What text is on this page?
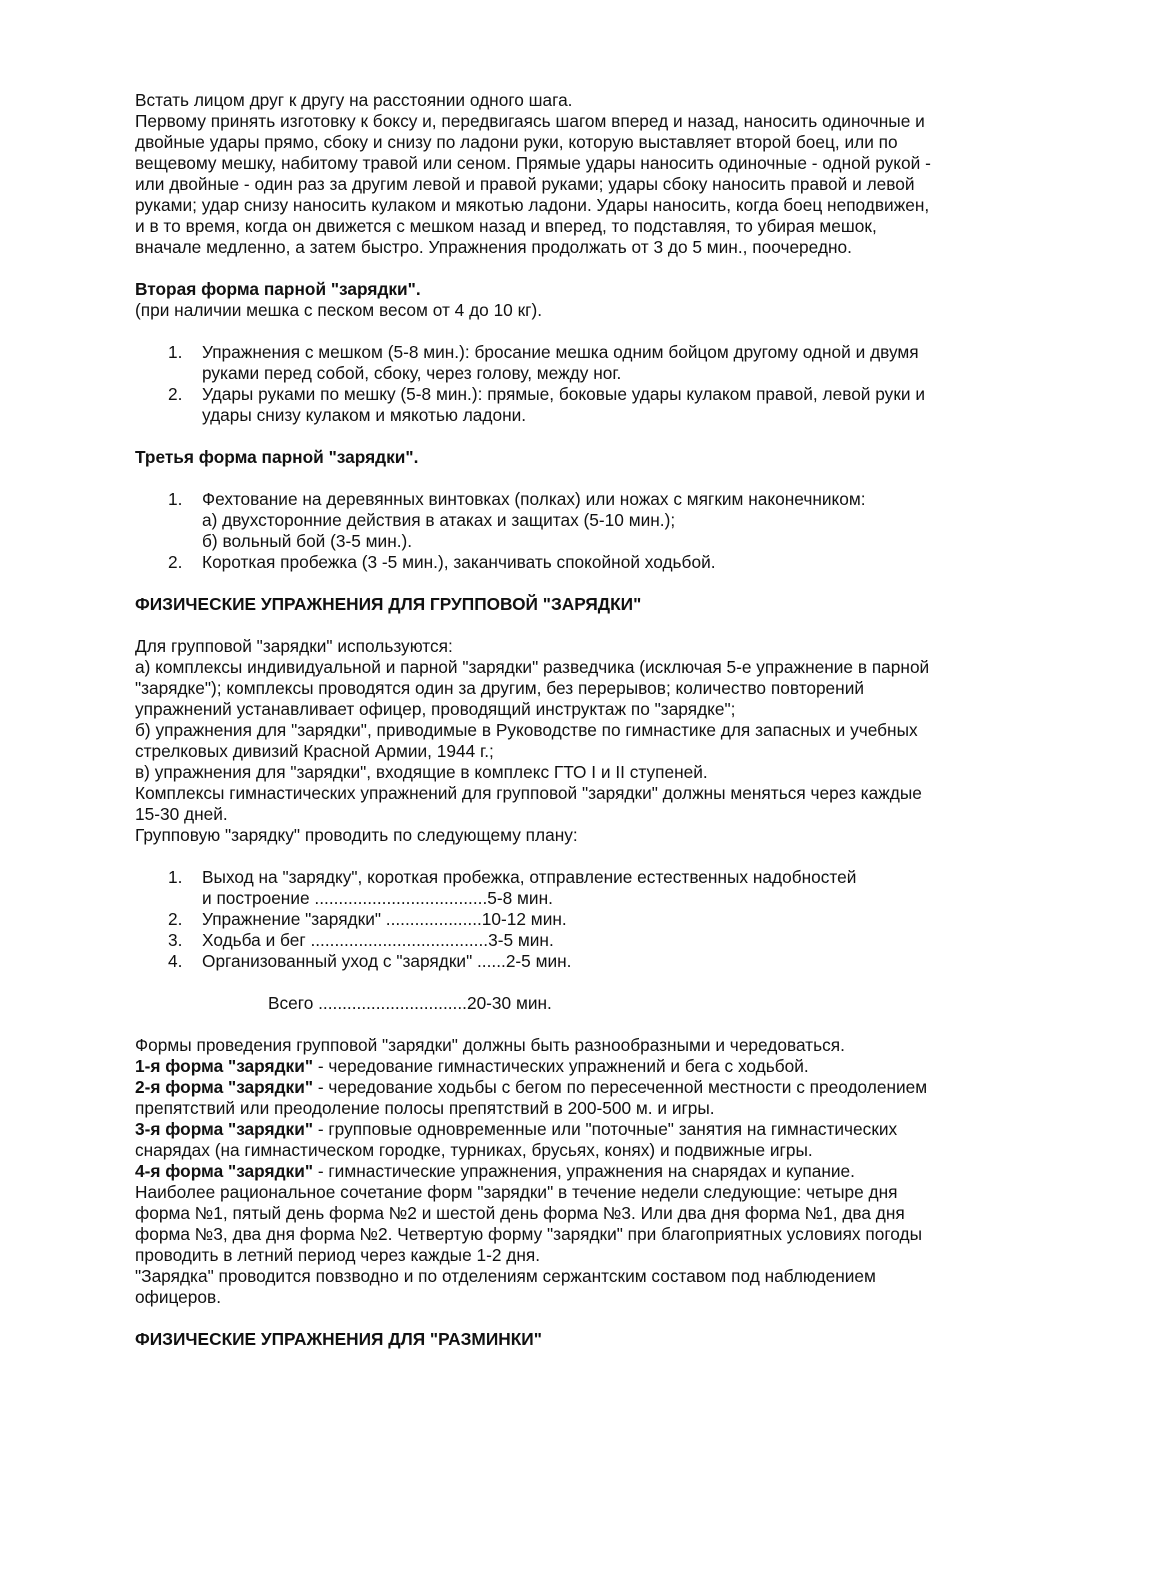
Встать лицом друг к другу на расстоянии одного шага.
Первому принять изготовку к боксу и, передвигаясь шагом вперед и назад, наносить одиночные и
двойные удары прямо, сбоку и снизу по ладони руки, которую выставляет второй боец, или по
вещевому мешку, набитому травой или сеном. Прямые удары наносить одиночные - одной рукой -
или двойные - один раз за другим левой и правой руками; удары сбоку наносить правой и левой
руками; удар снизу наносить кулаком и мякотью ладони. Удары наносить, когда боец неподвижен,
и в то время, когда он движется с мешком назад и вперед, то подставляя, то убирая мешок,
вначале медленно, а затем быстро. Упражнения продолжать от 3 до 5 мин., поочередно.
Вторая форма парной "зарядки".
(при наличии мешка с песком весом от 4 до 10 кг).
1. Упражнения с мешком (5-8 мин.): бросание мешка одним бойцом другому одной и двумя
руками перед собой, сбоку, через голову, между ног.
2. Удары руками по мешку (5-8 мин.): прямые, боковые удары кулаком правой, левой руки и
удары снизу кулаком и мякотью ладони.
Третья форма парной "зарядки".
1. Фехтование на деревянных винтовках (полках) или ножах с мягким наконечником:
а) двухсторонние действия в атаках и защитах (5-10 мин.);
б) вольный бой (3-5 мин.).
2. Короткая пробежка (3 -5 мин.), заканчивать спокойной ходьбой.
ФИЗИЧЕСКИЕ УПРАЖНЕНИЯ ДЛЯ ГРУППОВОЙ "ЗАРЯДКИ"
Для групповой "зарядки" используются:
а) комплексы индивидуальной и парной "зарядки" разведчика (исключая 5-е упражнение в парной
"зарядке"); комплексы проводятся один за другим, без перерывов; количество повторений
упражнений устанавливает офицер, проводящий инструктаж по "зарядке";
б) упражнения для "зарядки", приводимые в Руководстве по гимнастике для запасных и учебных
стрелковых дивизий Красной Армии, 1944 г.;
в) упражнения для "зарядки", входящие в комплекс ГТО I и II ступеней.
Комплексы гимнастических упражнений для групповой "зарядки" должны меняться через каждые
15-30 дней.
Групповую "зарядку" проводить по следующему плану:
1. Выход на "зарядку", короткая пробежка, отправление естественных надобностей
и построение ....................................5-8 мин.
2. Упражнение "зарядки" ....................10-12 мин.
3. Ходьба и бег .....................................3-5 мин.
4. Организованный уход с "зарядки" ......2-5 мин.
Всего ...............................20-30 мин.
Формы проведения групповой "зарядки" должны быть разнообразными и чередоваться.
1-я форма "зарядки" - чередование гимнастических упражнений и бега с ходьбой.
2-я форма "зарядки" - чередование ходьбы с бегом по пересеченной местности с преодолением
препятствий или преодоление полосы препятствий в 200-500 м. и игры.
3-я форма "зарядки" - групповые одновременные или "поточные" занятия на гимнастических
снарядах (на гимнастическом городке, турниках, брусьях, конях) и подвижные игры.
4-я форма "зарядки" - гимнастические упражнения, упражнения на снарядах и купание.
Наиболее рациональное сочетание форм "зарядки" в течение недели следующие: четыре дня
форма №1, пятый день форма №2 и шестой день форма №3. Или два дня форма №1, два дня
форма №3, два дня форма №2. Четвертую форму "зарядки" при благоприятных условиях погоды
проводить в летний период через каждые 1-2 дня.
"Зарядка" проводится повзводно и по отделениям сержантским составом под наблюдением
офицеров.
ФИЗИЧЕСКИЕ УПРАЖНЕНИЯ ДЛЯ "РАЗМИНКИ"
